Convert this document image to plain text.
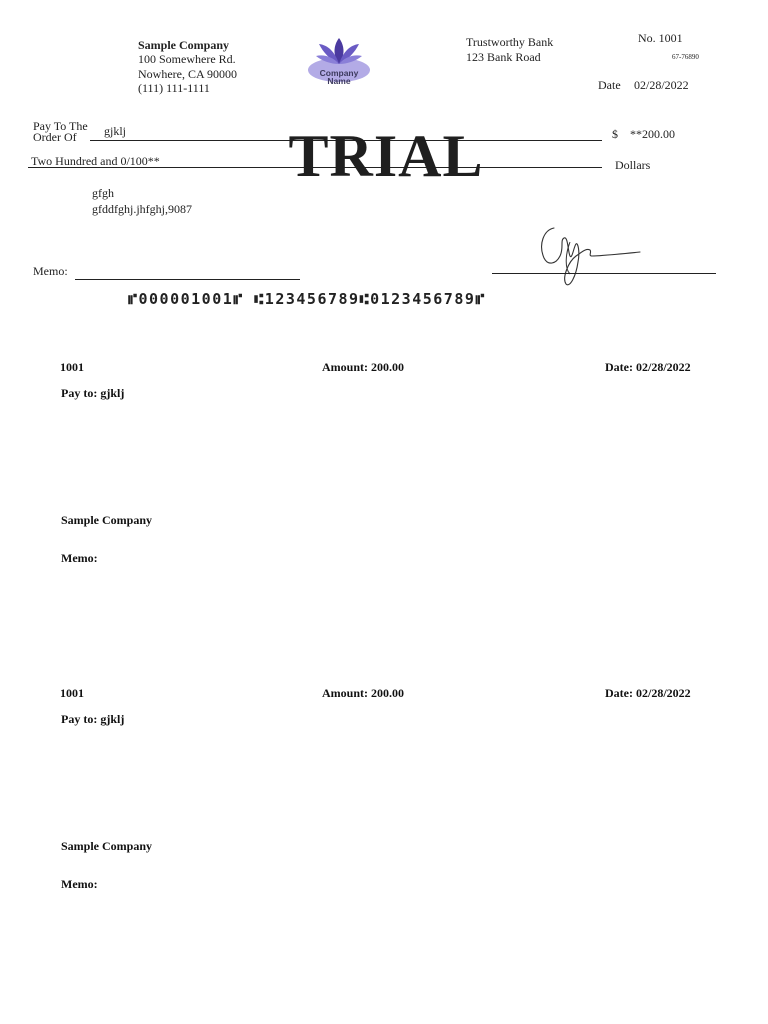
Sample Company
100 Somewhere Rd.
Nowhere, CA 90000
(111) 111-1111
Company
Name
Trustworthy Bank
123 Bank Road
No. 1001
67-76890
Date 02/28/2022
Pay To The
Order Of	gjklj	$ **200.00
Two Hundred and 0/100**	Dollars
TRIAL
gfgh
gfddfghj.jhfghj,9087
Memo:
⑈000001001⑈ ⑆123456789⑆0123456789⑈
1001	Amount: 200.00	Date: 02/28/2022
Pay to: gjklj
Sample Company
Memo:
1001	Amount: 200.00	Date: 02/28/2022
Pay to: gjklj
Sample Company
Memo:
